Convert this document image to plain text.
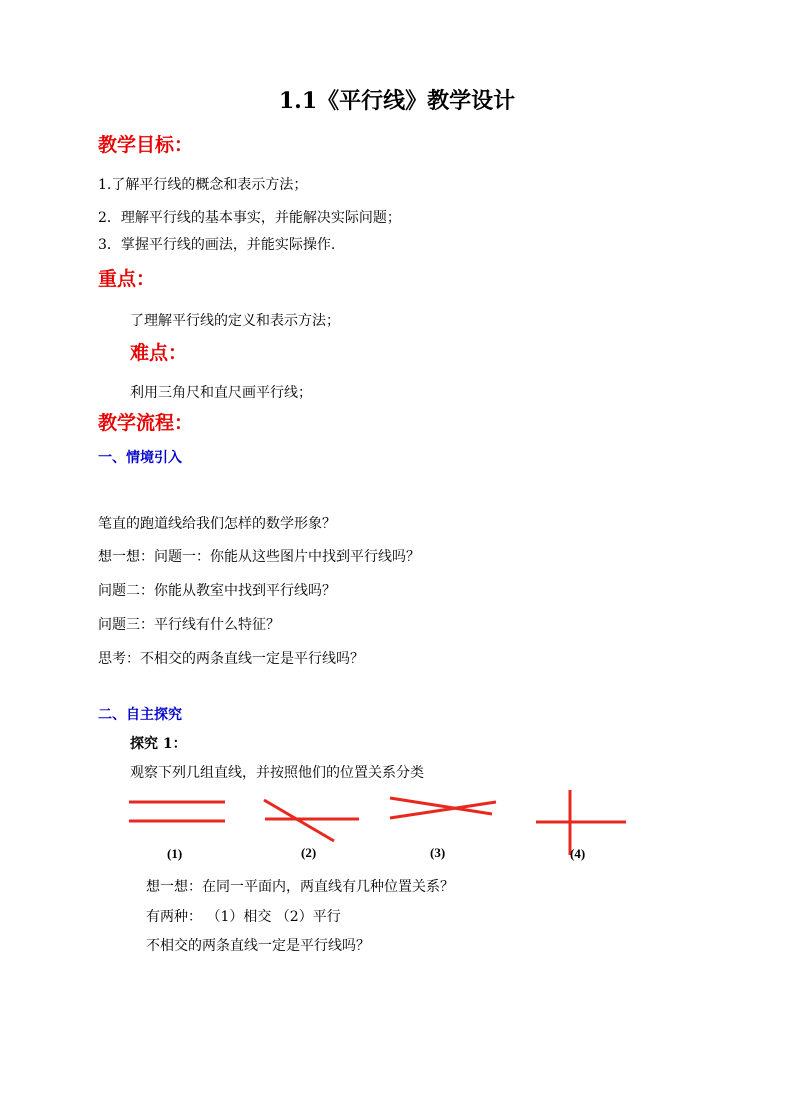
1.1《平行线》教学设计
教学目标：
1.了解平行线的概念和表示方法；
2．理解平行线的基本事实，并能解决实际问题；
3．掌握平行线的画法，并能实际操作.
重点：
了理解平行线的定义和表示方法；
难点：
利用三角尺和直尺画平行线；
教学流程：
一、情境引入
笔直的跑道线给我们怎样的数学形象？
想一想：问题一：你能从这些图片中找到平行线吗？
问题二：你能从教室中找到平行线吗？
问题三：平行线有什么特征？
思考：不相交的两条直线一定是平行线吗？
二、自主探究
探究 1：
观察下列几组直线，并按照他们的位置关系分类
(1)	(2)	(3)	(4)
想一想：在同一平面内，两直线有几种位置关系？
有两种： （1）相交 （2）平行
不相交的两条直线一定是平行线吗？
